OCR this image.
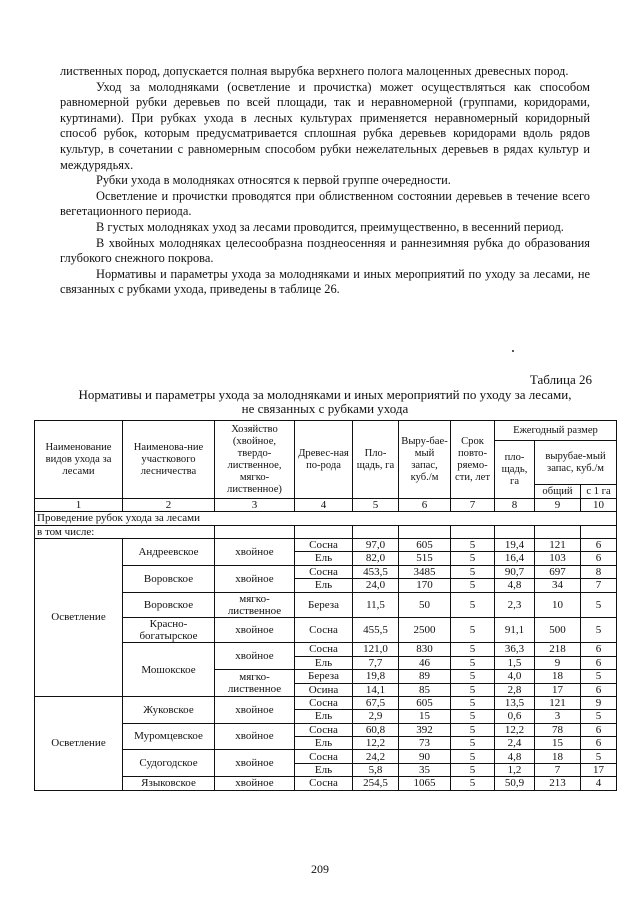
лиственных пород, допускается полная вырубка верхнего полога малоценных древесных пород.

Уход за молодняками (осветление и прочистка) может осуществляться как способом равномерной рубки деревьев по всей площади, так и неравномерной (группами, коридорами, куртинами). При рубках ухода в лесных культурах применяется неравномерный коридорный способ рубок, которым предусматривается сплошная рубка деревьев коридорами вдоль рядов культур, в сочетании с равномерным способом рубки нежелательных деревьев в рядах культур и междурядьях.

Рубки ухода в молодняках относятся к первой группе очередности.

Осветление и прочистки проводятся при облиственном состоянии деревьев в течение всего вегетационного периода.

В густых молодняках уход за лесами проводится, преимущественно, в весенний период.

В хвойных молодняках целесообразна позднеосенняя и раннезимняя рубка до образования глубокого снежного покрова.

Нормативы и параметры ухода за молодняками и иных мероприятий по уходу за лесами, не связанных с рубками ухода, приведены в таблице 26.

Таблица 26
Нормативы и параметры ухода за молодняками и иных мероприятий по уходу за лесами,
не связанных с рубками ухода
Наименование видов ухода за лесами	Наименова-ние участкового лесничества	Хозяйство (хвойное, твердо-лиственное, мягко-лиственное)	Древес-ная по-рода	Пло-щадь, га	Выру-бае-мый запас, куб./м	Срок повто-ряемо-сти, лет	Ежегодный размер		
							пло-щадь, га	вырубае-мый запас, куб./м	
								общий	с 1 га
1	2	3	4	5	6	7	8	9	10
Проведение рубок ухода за лесами									
в том числе:									
Осветление	Андреевское	хвойное	Сосна	97,0	605	5	19,4	121	6
			Ель	82,0	515	5	16,4	103	6
	Воровское	хвойное	Сосна	453,5	3485	5	90,7	697	8
			Ель	24,0	170	5	4,8	34	7
	Воровское	мягко-лиственное	Береза	11,5	50	5	2,3	10	5
	Красно-богатырское	хвойное	Сосна	455,5	2500	5	91,1	500	5
	Мошокское	хвойное	Сосна	121,0	830	5	36,3	218	6
			Ель	7,7	46	5	1,5	9	6
		мягко-лиственное	Береза	19,8	89	5	4,0	18	5
			Осина	14,1	85	5	2,8	17	6
Осветление	Жуковское	хвойное	Сосна	67,5	605	5	13,5	121	9
			Ель	2,9	15	5	0,6	3	5
	Муромцевское	хвойное	Сосна	60,8	392	5	12,2	78	6
			Ель	12,2	73	5	2,4	15	6
	Судогодское	хвойное	Сосна	24,2	90	5	4,8	18	5
			Ель	5,8	35	5	1,2	7	17
	Языковское	хвойное	Сосна	254,5	1065	5	50,9	213	4
209
